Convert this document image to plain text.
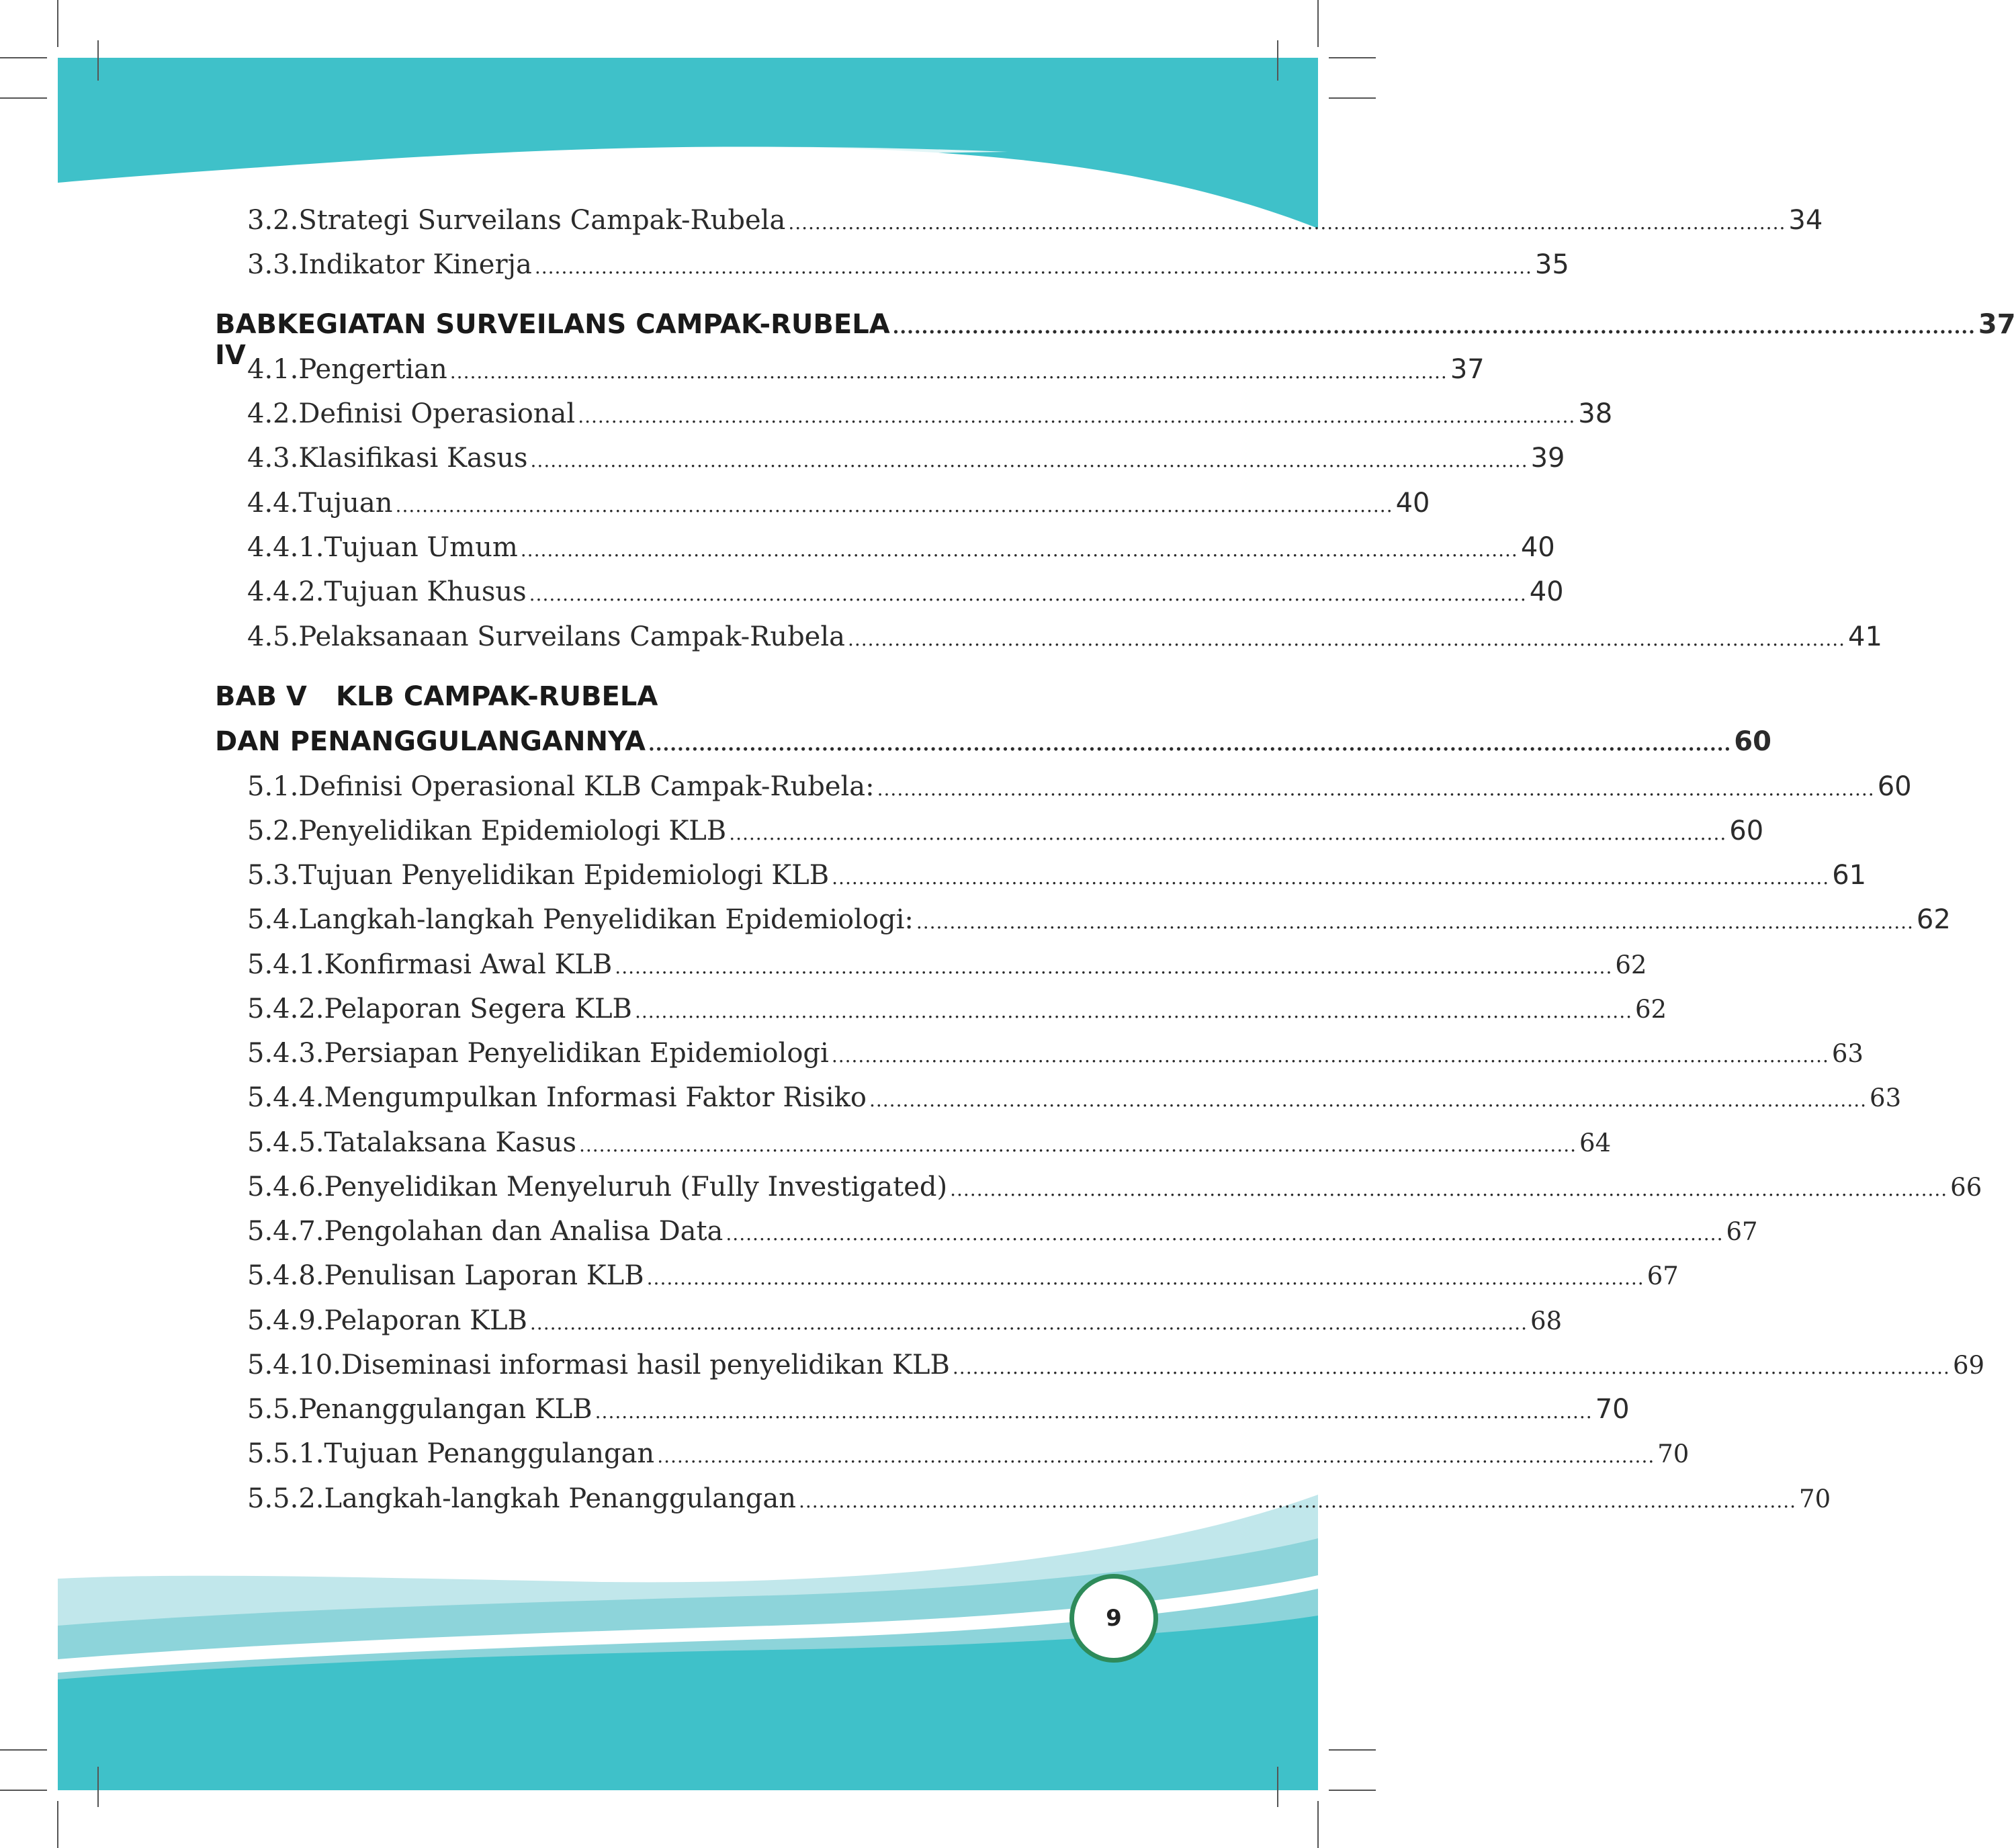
3.2. Strategi Surveilans Campak-Rubela ...................................................................................................................................................... 34
3.3. Indikator Kinerja ...................................................................................................................................................... 35
BAB IV
KEGIATAN SURVEILANS CAMPAK-RUBELA ...................................................................................................................................................... 37
4.1. Pengertian ...................................................................................................................................................... 37
4.2. Definisi Operasional ...................................................................................................................................................... 38
4.3. Klasifikasi Kasus ...................................................................................................................................................... 39
4.4. Tujuan ...................................................................................................................................................... 40
4.4.1. Tujuan Umum ...................................................................................................................................................... 40
4.4.2. Tujuan Khusus ...................................................................................................................................................... 40
4.5. Pelaksanaan Surveilans Campak-Rubela ...................................................................................................................................................... 41
BAB V	KLB CAMPAK-RUBELA
DAN PENANGGULANGANNYA ...................................................................................................................................................... 60
5.1. Definisi Operasional KLB Campak-Rubela: ...................................................................................................................................................... 60
5.2. Penyelidikan Epidemiologi KLB ...................................................................................................................................................... 60
5.3. Tujuan Penyelidikan Epidemiologi KLB ...................................................................................................................................................... 61
5.4. Langkah-langkah Penyelidikan Epidemiologi: ...................................................................................................................................................... 62
5.4.1. Konfirmasi Awal KLB ...................................................................................................................................................... 62
5.4.2. Pelaporan Segera KLB ...................................................................................................................................................... 62
5.4.3. Persiapan Penyelidikan Epidemiologi ...................................................................................................................................................... 63
5.4.4. Mengumpulkan Informasi Faktor Risiko ...................................................................................................................................................... 63
5.4.5. Tatalaksana Kasus ...................................................................................................................................................... 64
5.4.6. Penyelidikan Menyeluruh (Fully Investigated) ...................................................................................................................................................... 66
5.4.7. Pengolahan dan Analisa Data ...................................................................................................................................................... 67
5.4.8. Penulisan Laporan KLB ...................................................................................................................................................... 67
5.4.9. Pelaporan KLB ...................................................................................................................................................... 68
5.4.10. Diseminasi informasi hasil penyelidikan KLB ...................................................................................................................................................... 69
5.5. Penanggulangan KLB ...................................................................................................................................................... 70
5.5.1. Tujuan Penanggulangan ...................................................................................................................................................... 70
5.5.2. Langkah-langkah Penanggulangan ...................................................................................................................................................... 70
9
